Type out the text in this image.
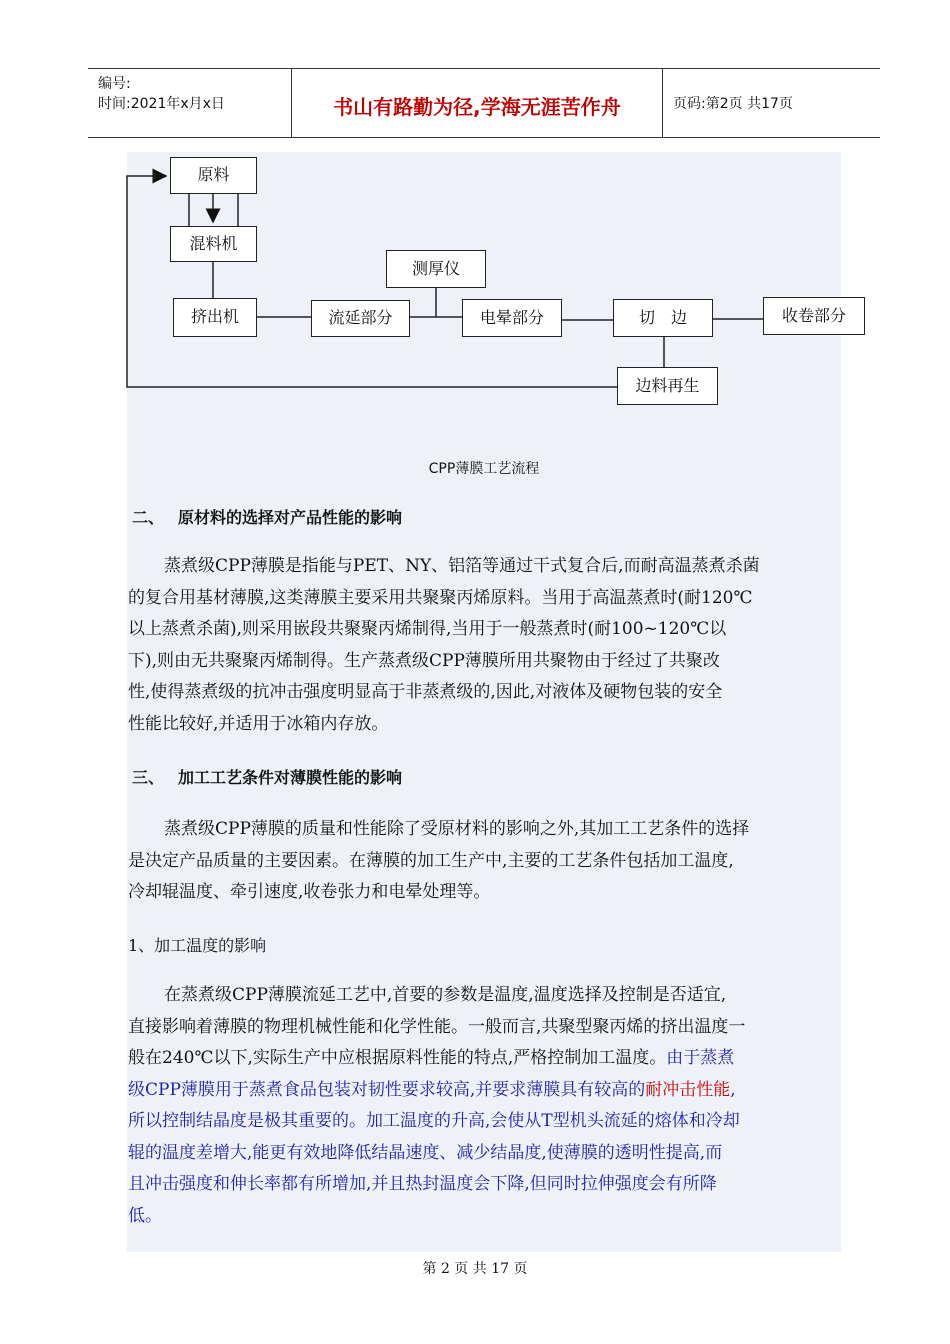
编号:
时间:2021年x月x日	书山有路勤为径,学海无涯苦作舟	页码:第2页 共17页
原料
混料机
测厚仪
挤出机	流延部分	电晕部分	切　边	收卷部分
边料再生
CPP薄膜工艺流程
二、 原材料的选择对产品性能的影响
蒸煮级CPP薄膜是指能与PET、NY、铝箔等通过干式复合后,而耐高温蒸煮杀菌
的复合用基材薄膜,这类薄膜主要采用共聚聚丙烯原料。当用于高温蒸煮时(耐120℃
以上蒸煮杀菌),则采用嵌段共聚聚丙烯制得,当用于一般蒸煮时(耐100~120℃以
下),则由无共聚聚丙烯制得。生产蒸煮级CPP薄膜所用共聚物由于经过了共聚改
性,使得蒸煮级的抗冲击强度明显高于非蒸煮级的,因此,对液体及硬物包装的安全
性能比较好,并适用于冰箱内存放。
三、 加工工艺条件对薄膜性能的影响
蒸煮级CPP薄膜的质量和性能除了受原材料的影响之外,其加工工艺条件的选择
是决定产品质量的主要因素。在薄膜的加工生产中,主要的工艺条件包括加工温度,
冷却辊温度、牵引速度,收卷张力和电晕处理等。
1、加工温度的影响
在蒸煮级CPP薄膜流延工艺中,首要的参数是温度,温度选择及控制是否适宜,
直接影响着薄膜的物理机械性能和化学性能。一般而言,共聚型聚丙烯的挤出温度一
般在240℃以下,实际生产中应根据原料性能的特点,严格控制加工温度。由于蒸煮
级CPP薄膜用于蒸煮食品包装对韧性要求较高,并要求薄膜具有较高的耐冲击性能,
所以控制结晶度是极其重要的。加工温度的升高,会使从T型机头流延的熔体和冷却
辊的温度差增大,能更有效地降低结晶速度、减少结晶度,使薄膜的透明性提高,而
且冲击强度和伸长率都有所增加,并且热封温度会下降,但同时拉伸强度会有所降
低。
第 2 页 共 17 页
